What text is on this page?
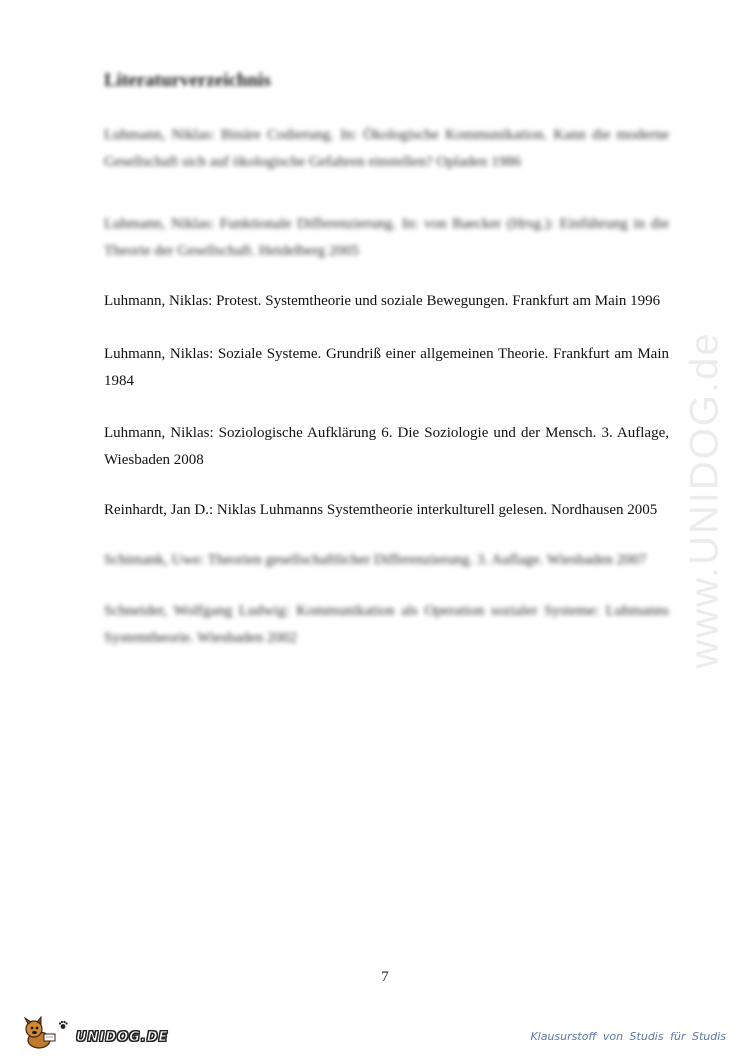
www.UNIDOG.de
Literaturverzeichnis
Luhmann, Niklas: Binäre Codierung. In: Ökologische Kommunikation. Kann die moderne
Gesellschaft sich auf ökologische Gefahren einstellen? Opladen 1986
Luhmann, Niklas: Funktionale Differenzierung. In: von Baecker (Hrsg.): Einführung in die
Theorie der Gesellschaft. Heidelberg 2005
Luhmann, Niklas: Protest. Systemtheorie und soziale Bewegungen. Frankfurt am Main 1996
Luhmann, Niklas: Soziale Systeme. Grundriß einer allgemeinen Theorie. Frankfurt am Main
1984
Luhmann, Niklas: Soziologische Aufklärung 6. Die Soziologie und der Mensch. 3. Auflage,
Wiesbaden 2008
Reinhardt, Jan D.: Niklas Luhmanns Systemtheorie interkulturell gelesen. Nordhausen 2005
Schimank, Uwe: Theorien gesellschaftlicher Differenzierung. 3. Auflage. Wiesbaden 2007
Schneider, Wolfgang Ludwig: Kommunikation als Operation sozialer Systeme: Luhmanns
Systemtheorie. Wiesbaden 2002
7
UNIDOG.DE	Klausurstoff von Studis für Studis
